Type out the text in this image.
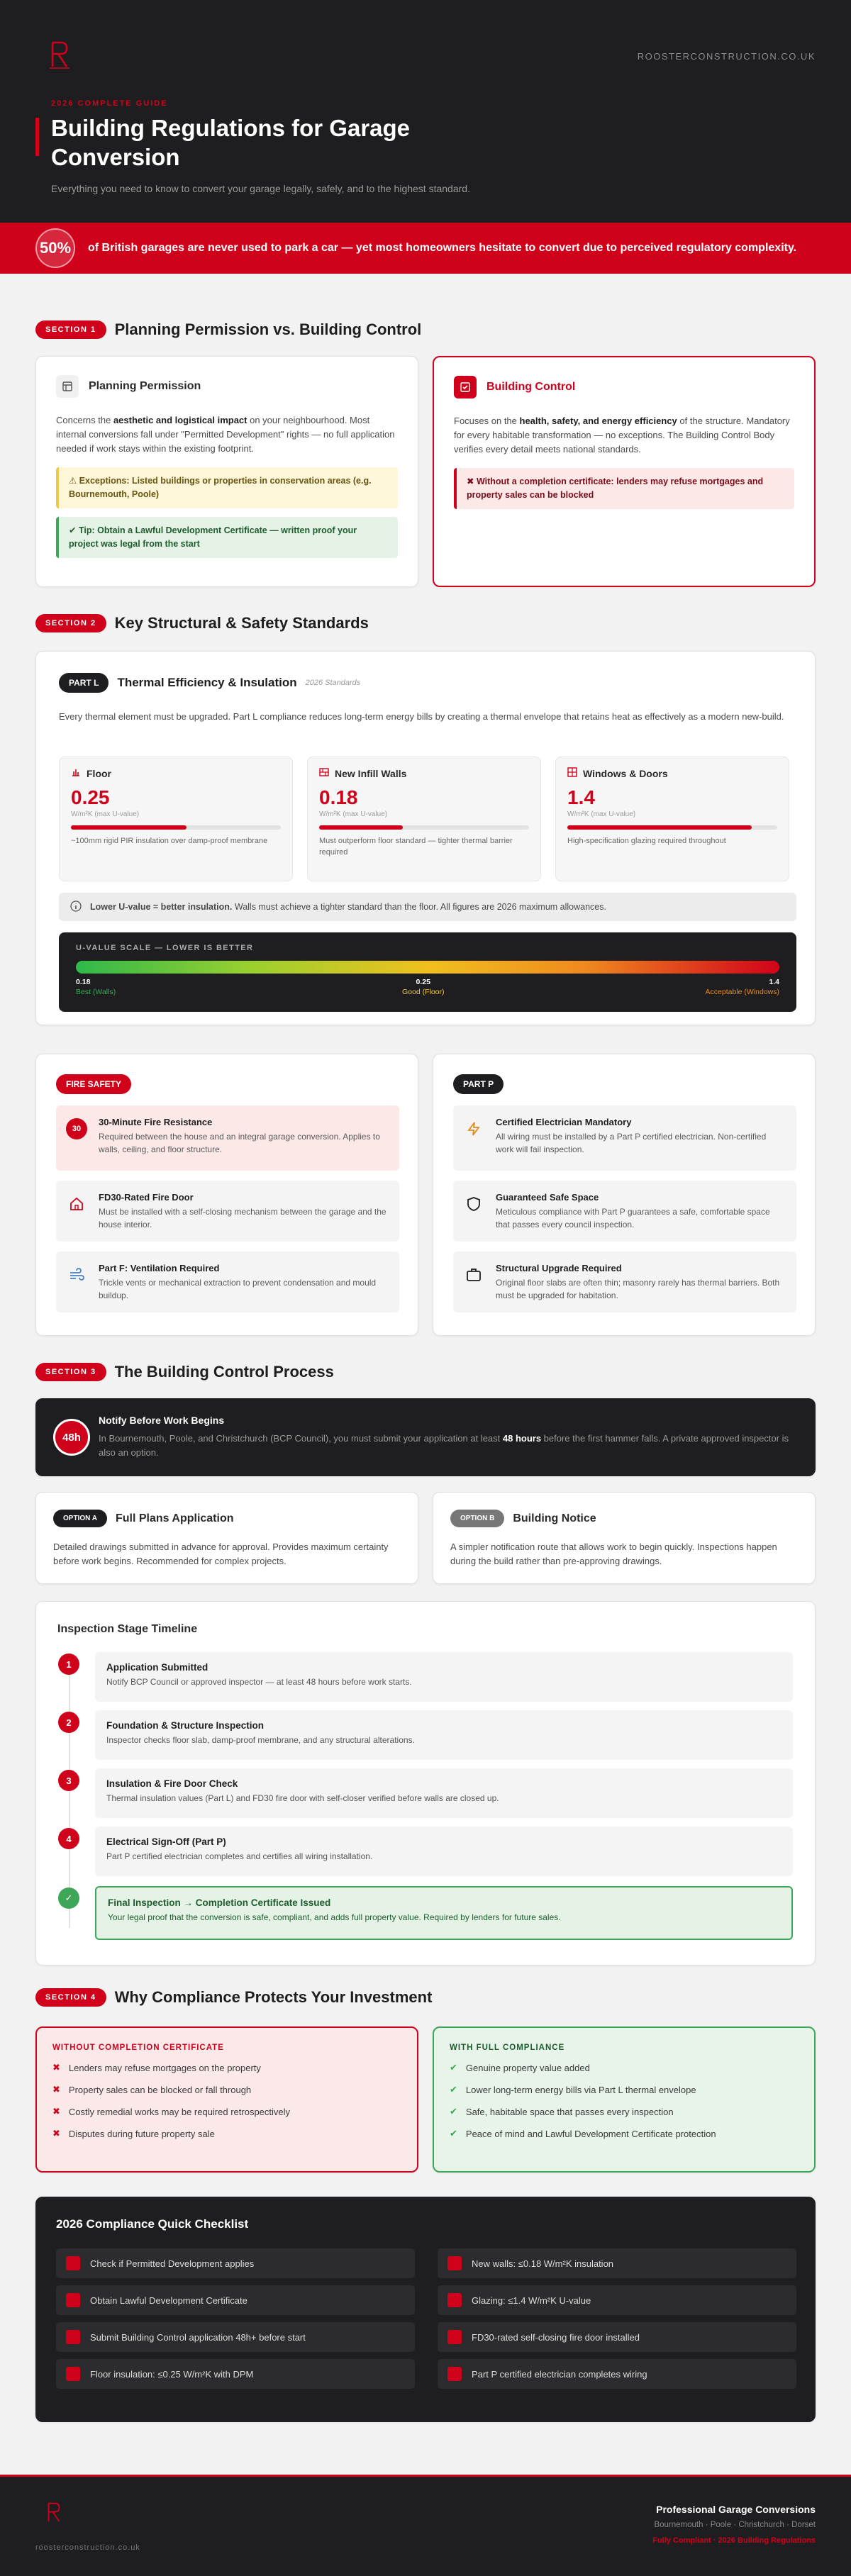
ROOSTERCONSTRUCTION.CO.UK
2026 COMPLETE GUIDE
Building Regulations for Garage Conversion
Everything you need to know to convert your garage legally, safely, and to the highest standard.
50%	of British garages are never used to park a car — yet most homeowners hesitate to convert due to perceived regulatory complexity.
SECTION 1	Planning Permission vs. Building Control
Planning Permission

Concerns the aesthetic and logistical impact on your neighbourhood. Most internal conversions fall under "Permitted Development" rights — no full application needed if work stays within the existing footprint.

⚠ Exceptions: Listed buildings or properties in conservation areas (e.g. Bournemouth, Poole)
✔ Tip: Obtain a Lawful Development Certificate — written proof your project was legal from the start
Building Control

Focuses on the health, safety, and energy efficiency of the structure. Mandatory for every habitable transformation — no exceptions. The Building Control Body verifies every detail meets national standards.

✖ Without a completion certificate: lenders may refuse mortgages and property sales can be blocked
SECTION 2	Key Structural & Safety Standards
PART L	Thermal Efficiency & Insulation 2026 Standards

Every thermal element must be upgraded. Part L compliance reduces long-term energy bills by creating a thermal envelope that retains heat as effectively as a modern new-build.

Floor
0.25
W/m²K (max U-value)
~100mm rigid PIR insulation over damp-proof membrane
New Infill Walls
0.18
W/m²K (max U-value)
Must outperform floor standard — tighter thermal barrier required
Windows & Doors
1.4
W/m²K (max U-value)
High-specification glazing required throughout
Lower U-value = better insulation. Walls must achieve a tighter standard than the floor. All figures are 2026 maximum allowances.
U-VALUE SCALE — LOWER IS BETTER
0.18
Best (Walls)
0.25
Good (Floor)
1.4
Acceptable (Windows)
FIRE SAFETY
30
30-Minute Fire Resistance

Required between the house and an integral garage conversion. Applies to walls, ceiling, and floor structure.

FD30-Rated Fire Door

Must be installed with a self-closing mechanism between the garage and the house interior.

Part F: Ventilation Required

Trickle vents or mechanical extraction to prevent condensation and mould buildup.

PART P
Certified Electrician Mandatory

All wiring must be installed by a Part P certified electrician. Non-certified work will fail inspection.

Guaranteed Safe Space

Meticulous compliance with Part P guarantees a safe, comfortable space that passes every council inspection.

Structural Upgrade Required

Original floor slabs are often thin; masonry rarely has thermal barriers. Both must be upgraded for habitation.

SECTION 3	The Building Control Process
48h
Notify Before Work Begins

In Bournemouth, Poole, and Christchurch (BCP Council), you must submit your application at least 48 hours before the first hammer falls. A private approved inspector is also an option.

OPTION A	Full Plans Application

Detailed drawings submitted in advance for approval. Provides maximum certainty before work begins. Recommended for complex projects.

OPTION B	Building Notice

A simpler notification route that allows work to begin quickly. Inspections happen during the build rather than pre-approving drawings.

Inspection Stage Timeline
1	Application Submitted

Notify BCP Council or approved inspector — at least 48 hours before work starts.

2	Foundation & Structure Inspection

Inspector checks floor slab, damp-proof membrane, and any structural alterations.

3	Insulation & Fire Door Check

Thermal insulation values (Part L) and FD30 fire door with self-closer verified before walls are closed up.

4	Electrical Sign-Off (Part P)

Part P certified electrician completes and certifies all wiring installation.

✓	Final Inspection → Completion Certificate Issued

Your legal proof that the conversion is safe, compliant, and adds full property value. Required by lenders for future sales.

SECTION 4	Why Compliance Protects Your Investment
WITHOUT COMPLETION CERTIFICATE
✖ Lenders may refuse mortgages on the property
✖ Property sales can be blocked or fall through
✖ Costly remedial works may be required retrospectively
✖ Disputes during future property sale
WITH FULL COMPLIANCE
✔ Genuine property value added
✔ Lower long-term energy bills via Part L thermal envelope
✔ Safe, habitable space that passes every inspection
✔ Peace of mind and Lawful Development Certificate protection
2026 Compliance Quick Checklist
Check if Permitted Development applies
Obtain Lawful Development Certificate
Submit Building Control application 48h+ before start
Floor insulation: ≤0.25 W/m²K with DPM
New walls: ≤0.18 W/m²K insulation
Glazing: ≤1.4 W/m²K U-value
FD30-rated self-closing fire door installed
Part P certified electrician completes wiring
roosterconstruction.co.uk
Professional Garage Conversions
Bournemouth · Poole · Christchurch · Dorset
Fully Compliant · 2026 Building Regulations
